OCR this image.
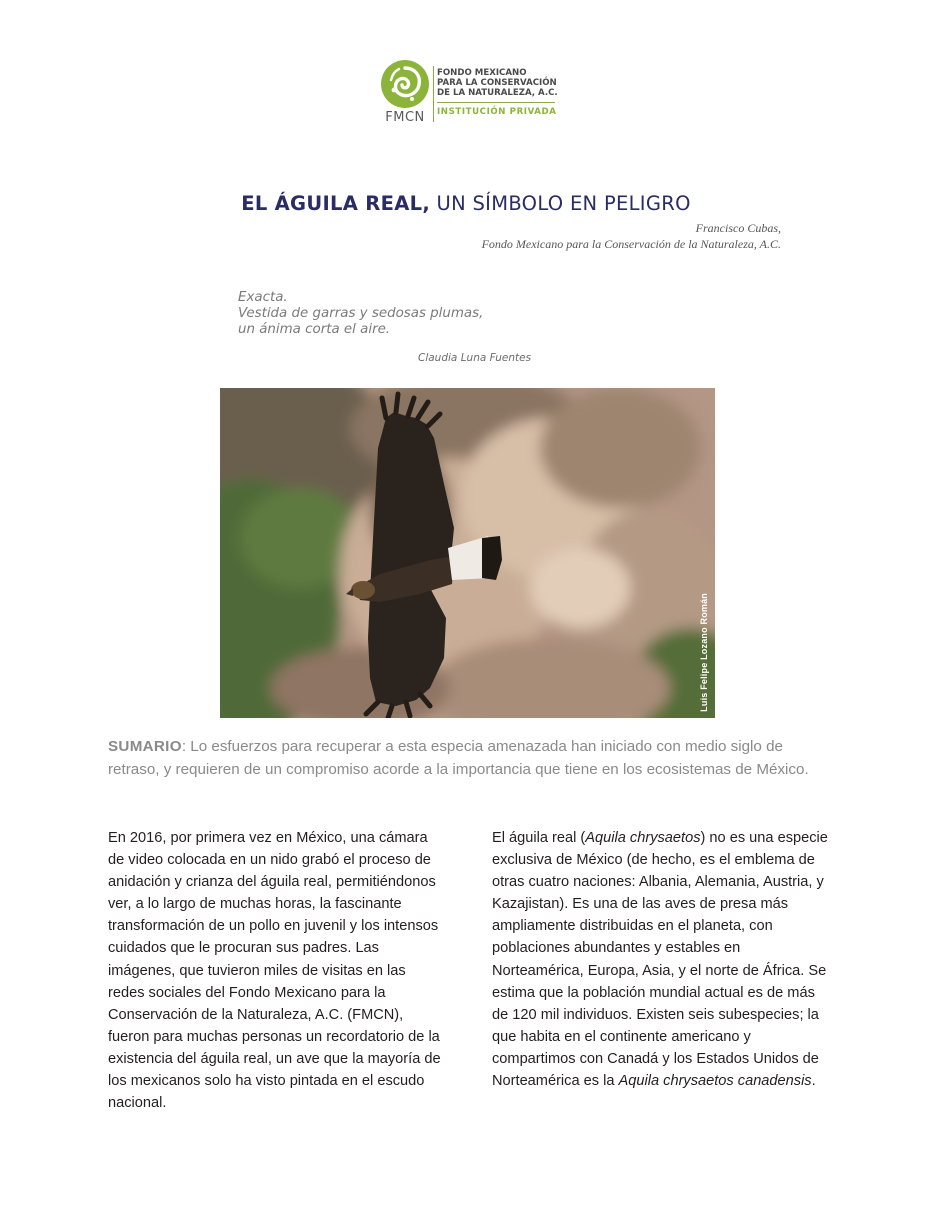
FMCN
FONDO MEXICANO
PARA LA CONSERVACIÓN
DE LA NATURALEZA, A.C.
INSTITUCIÓN PRIVADA
EL ÁGUILA REAL, UN SÍMBOLO EN PELIGRO
Francisco Cubas,
Fondo Mexicano para la Conservación de la Naturaleza, A.C.
Exacta.
Vestida de garras y sedosas plumas,
un ánima corta el aire.
Claudia Luna Fuentes
Luis Felipe Lozano Román

SUMARIO: Lo esfuerzos para recuperar a esta especia amenazada han iniciado con medio siglo de retraso, y requieren de un compromiso acorde a la importancia que tiene en los ecosistemas de México.

En 2016, por primera vez en México, una cámara de video colocada en un nido grabó el proceso de anidación y crianza del águila real, permitiéndonos ver, a lo largo de muchas horas, la fascinante transformación de un pollo en juvenil y los intensos cuidados que le procuran sus padres. Las imágenes, que tuvieron miles de visitas en las redes sociales del Fondo Mexicano para la Conservación de la Naturaleza, A.C. (FMCN), fueron para muchas personas un recordatorio de la existencia del águila real, un ave que la mayoría de los mexicanos solo ha visto pintada en el escudo nacional.

El águila real (Aquila chrysaetos) no es una especie exclusiva de México (de hecho, es el emblema de otras cuatro naciones: Albania, Alemania, Austria, y Kazajistan). Es una de las aves de presa más ampliamente distribuidas en el planeta, con poblaciones abundantes y estables en Norteamérica, Europa, Asia, y el norte de África. Se estima que la población mundial actual es de más de 120 mil individuos. Existen seis subespecies; la que habita en el continente americano y compartimos con Canadá y los Estados Unidos de Norteamérica es la Aquila chrysaetos canadensis.
